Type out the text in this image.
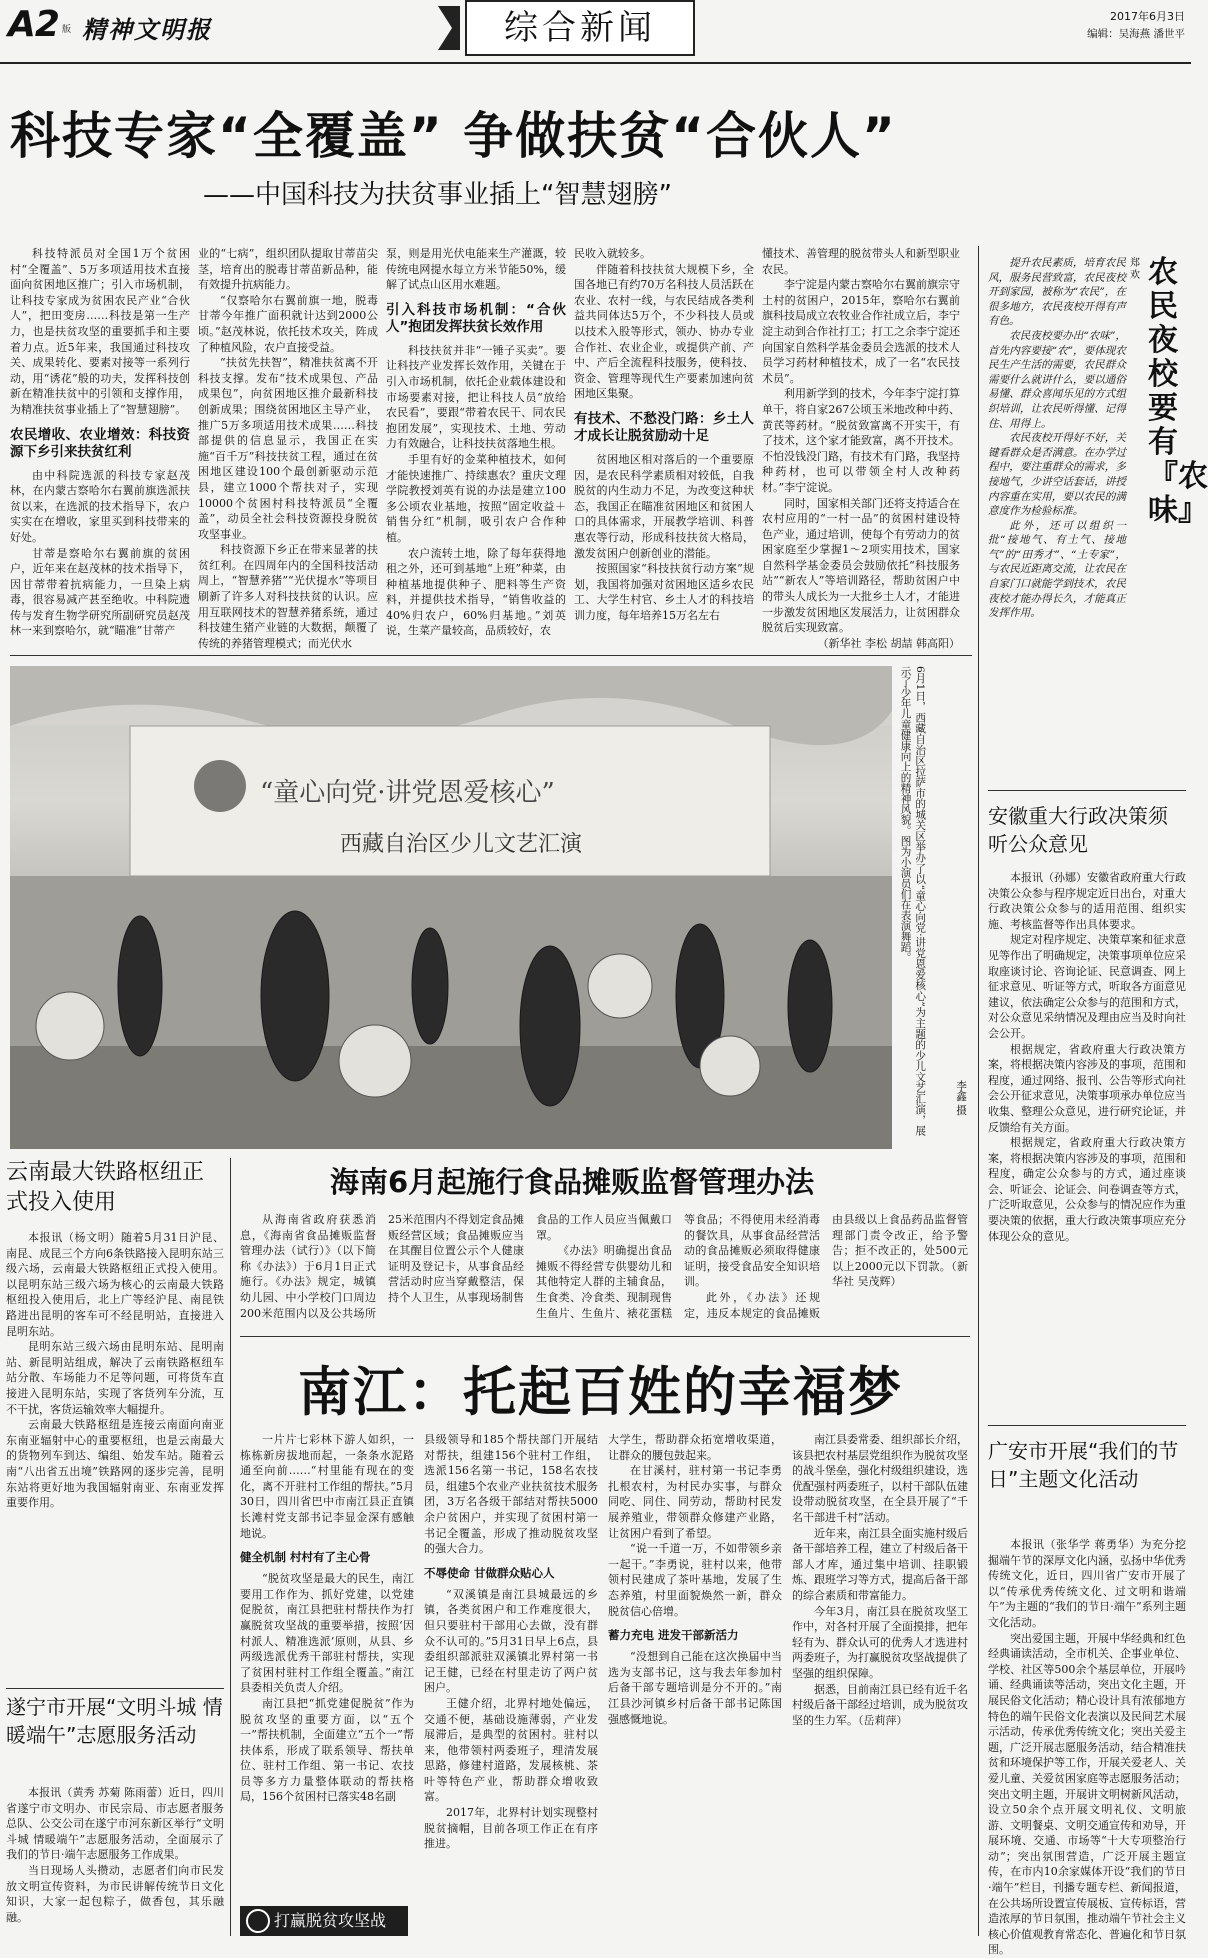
A2 版 精神文明报	综合新闻	2017年6月3日
编辑：吴海燕 潘世平
科技专家“全覆盖” 争做扶贫“合伙人”
——中国科技为扶贫事业插上“智慧翅膀”

科技特派员对全国1万个贫困村“全覆盖”、5万多项适用技术直接面向贫困地区推广；引入市场机制，让科技专家成为贫困农民产业“合伙人”，把田变房……科技是第一生产力，也是扶贫攻坚的重要抓手和主要着力点。近5年来，我国通过科技攻关、成果转化、要素对接等一系列行动，用“诱花”般的功夫，发挥科技创新在精准扶贫中的引领和支撑作用，为精准扶贫事业插上了“智慧翅膀”。

农民增收、农业增效：科技资源下乡引来扶贫红利

由中科院选派的科技专家赵茂林，在内蒙古察哈尔右翼前旗选派扶贫以来，在选派的技术指导下，农户实实在在增收，家里买到科技带来的好处。

甘蒂是察哈尔右翼前旗的贫困户，近年来在赵茂林的技术指导下，因甘蒂带着抗病能力，一旦染上病毒，很容易减产甚至绝收。中科院遗传与发育生物学研究所副研究员赵茂林一来到察哈尔，就“瞄准”甘蒂产

业的“七病”，组织团队提取甘蒂苗尖茎，培育出的脱毒甘蒂苗新品种，能有效提升抗病能力。

“仅察哈尔右翼前旗一地，脱毒甘蒂今年推广面积就计达到2000公顷。”赵茂林说，依托技术攻关，阵成了种植风险，农户直接受益。

“扶贫先扶智”，精准扶贫离不开科技支撑。发布“技术成果包、产品成果包”，向贫困地区推介最新科技创新成果；围绕贫困地区主导产业，推广5万多项适用技术成果……科技部提供的信息显示，我国正在实施“百千万”科技扶贫工程，通过在贫困地区建设100个最创新驱动示范县，建立1000个帮扶对子，实现10000个贫困村科技特派员“全覆盖”，动员全社会科技资源投身脱贫攻坚事业。

科技资源下乡正在带来显著的扶贫红利。在四周年内的全国科技活动周上，“智慧养猪”“光伏提水”等项目刷新了许多人对科技扶贫的认识。应用互联网技术的智慧养猪系统，通过科技建生猪产业链的大数据，颠覆了传统的养猪管理模式；而光伏水

泵，则是用光伏电能来生产灌溉，较传统电网提水每立方米节能50%，缓解了试点山区用水难题。

引入科技市场机制：“合伙人”抱团发挥扶贫长效作用

科技扶贫并非“一锤子买卖”。要让科技产业发挥长效作用，关键在于引入市场机制，依托企业载体建设和市场要素对接，把让科技人员“放给农民看”，要跟“带着农民干、同农民抱团发展”，实现技术、土地、劳动力有效融合，让科技扶贫落地生根。

手里有好的金菜种植技术，如何才能快速推广、持续惠农？重庆文理学院教授刘英有说的办法是建立100多公顷农业基地，按照“固定收益＋销售分红”机制，吸引农户合作种植。

农户流转土地，除了每年获得地租之外，还可到基地“上班”种菜，由种植基地提供种子、肥料等生产资料，并提供技术指导，“销售收益的40%归农户，60%归基地。”刘英说，生菜产量较高，品质较好，农

民收入就较多。

伴随着科技扶贫大规模下乡，全国各地已有约70万名科技人员活跃在农业、农村一线，与农民结成各类利益共同体达5万个，不少科技人员或以技术入股等形式，领办、协办专业合作社、农业企业，或提供产前、产中、产后全流程科技服务，使科技、资金、管理等现代生产要素加速向贫困地区集聚。

有技术、不愁没门路：乡土人才成长让脱贫励动十足

贫困地区相对落后的一个重要原因，是农民科学素质相对较低，自我脱贫的内生动力不足，为改变这种状态，我国正在瞄准贫困地区和贫困人口的具体需求，开展教学培训、科普惠农等行动，形成科技扶贫大格局，激发贫困户创新创业的潜能。

按照国家“科技扶贫行动方案”规划，我国将加强对贫困地区适乡农民工、大学生村官、乡土人才的科技培训力度，每年培养15万名左右

懂技术、善管理的脱贫带头人和新型职业农民。

李宁淀是内蒙古察哈尔右翼前旗宗守土村的贫困户，2015年，察哈尔右翼前旗科技局成立农牧业合作社成立后，李宁淀主动到合作社打工；打工之余李宁淀还向国家自然科学基金委员会选派的技术人员学习药材种植技术，成了一名“农民技术员”。

利用新学到的技术，今年李宁淀打算单干，将自家267公顷玉米地改种中药、黄芪等药材。“脱贫致富离不开实干，有了技术，这个家才能致富，离不开技术。不怕没钱没门路，有技术有门路，我坚持种药材，也可以带领全村人改种药材。”李宁淀说。

同时，国家相关部门还将支持适合在农村应用的“一村一品”的贫困村建设特色产业，通过培训，使每个有劳动力的贫困家庭至少掌握1～2项实用技术，国家自然科学基金委员会鼓励依托“科技服务站”“新农人”等培训路径，帮助贫困户中的带头人成长为一大批乡土人才，才能进一步激发贫困地区发展活力，让贫困群众脱贫后实现致富。

（新华社 李松 胡喆 韩高阳）

郑欢 农民夜校要有『农味』

提升农民素质，培育农民风，服务民营致富，农民夜校开到家园，被称为“农民”，在很多地方，农民夜校开得有声有色。

农民夜校要办出“农味”，首先内容要接“农”，要体现农民生产生活的需要，农民群众需要什么就讲什么，要以通俗易懂、群众喜闻乐见的方式组织培训，让农民听得懂、记得住、用得上。

农民夜校开得好不好，关键看群众是否满意。在办学过程中，要注重群众的需求，多接地气，少讲空话套话，讲授内容重在实用，要以农民的满意度作为检验标准。

此外，还可以组织一批“接地气、有土气、接地气”的“田秀才”、“土专家”，与农民近距离交流，让农民在自家门口就能学到技术，农民夜校才能办得长久，才能真正发挥作用。

安徽重大行政决策须听公众意见

本报讯（孙娜）安徽省政府重大行政决策公众参与程序规定近日出台，对重大行政决策公众参与的适用范围、组织实施、考核监督等作出具体要求。

规定对程序规定、决策草案和征求意见等作出了明确规定，决策事项单位应采取座谈讨论、咨询论证、民意调查、网上征求意见、听证等方式，听取各方面意见建议，依法确定公众参与的范围和方式，对公众意见采纳情况及理由应当及时向社会公开。

根据规定，省政府重大行政决策方案，将根据决策内容涉及的事项，范围和程度，通过网络、报刊、公告等形式向社会公开征求意见，决策事项承办单位应当收集、整理公众意见，进行研究论证，并反馈给有关方面。

根据规定，省政府重大行政决策方案，将根据决策内容涉及的事项，范围和程度，确定公众参与的方式，通过座谈会、听证会、论证会、问卷调查等方式，广泛听取意见，公众参与的情况应作为重要决策的依据，重大行政决策事项应充分体现公众的意见。

广安市开展“我们的节日”主题文化活动

本报讯（张华学 蒋勇华）为充分挖掘端午节的深厚文化内涵，弘扬中华优秀传统文化，近日，四川省广安市开展了以“传承优秀传统文化、过文明和谐端午”为主题的“我们的节日·端午”系列主题文化活动。

突出爱国主题，开展中华经典和红色经典诵读活动，全市机关、企事业单位、学校、社区等500余个基层单位，开展吟诵、经典诵读等活动，突出文化主题，开展民俗文化活动；精心设计具有浓郁地方特色的端午民俗文化表演以及民间艺术展示活动，传承优秀传统文化；突出关爱主题，广泛开展志愿服务活动，结合精准扶贫和环境保护等工作，开展关爱老人、关爱儿童、关爱贫困家庭等志愿服务活动；突出文明主题，开展讲文明树新风活动，设立50余个点开展文明礼仪、文明旅游、文明餐桌、文明交通宣传和劝导，开展环境、交通、市场等“十大专项整治行动”；突出氛围营造，广泛开展主题宣传，在市内10余家媒体开设“我们的节日·端午”栏目，刊播专题专栏、新闻报道，在公共场所设置宣传展板、宣传标语，营造浓厚的节日氛围，推动端午节社会主义核心价值观教育常态化、普遍化和节日氛围。

“童心向党·讲党恩爱核心”
西藏自治区少儿文艺汇演	6月1日，西藏自治区拉萨市的城关区举办了以“童心向党·讲党恩爱核心”为主题的少儿文艺汇演，展示了少年儿童健康向上的精神风貌。图为小演员们在表演舞蹈。
李鑫 摄
云南最大铁路枢纽正式投入使用

本报讯（杨文明）随着5月31日沪昆、南昆、成昆三个方向6条铁路接入昆明东站三级六场，云南最大铁路枢纽正式投入使用。以昆明东站三级六场为核心的云南最大铁路枢纽投入使用后，北上广等经沪昆、南昆铁路进出昆明的客车可不经昆明站，直接进入昆明东站。

昆明东站三级六场由昆明东站、昆明南站、新昆明站组成，解决了云南铁路枢纽车站分散、车场能力不足等问题，可将货车直接进入昆明东站，实现了客货列车分流，互不干扰，客货运输效率大幅提升。

云南最大铁路枢纽是连接云南面向南亚东南亚辐射中心的重要枢纽，也是云南最大的货物列车到达、编组、始发车站。随着云南“八出省五出境”铁路网的逐步完善，昆明东站将更好地为我国辐射南亚、东南亚发挥重要作用。

遂宁市开展“文明斗城 情暖端午”志愿服务活动

本报讯（黄秀 苏菊 陈雨蕾）近日，四川省遂宁市文明办、市民宗局、市志愿者服务总队、公交公司在遂宁市河东新区举行“文明斗城 情暖端午”志愿服务活动，全面展示了我们的节日·端午志愿服务工作成果。

当日现场人头攒动，志愿者们向市民发放文明宣传资料，为市民讲解传统节日文化知识，大家一起包粽子，做香包，其乐融融。

海南6月起施行食品摊贩监督管理办法

从海南省政府获悉消息，《海南省食品摊贩监督管理办法（试行）》（以下简称《办法》）于6月1日正式施行。《办法》规定，城镇幼儿园、中小学校门口周边200米范围内以及公共场所25米范围内不得划定食品摊贩经营区域；食品摊贩应当在其醒目位置公示个人健康证明及登记卡，从事食品经营活动时应当穿戴整洁，保持个人卫生，从事现场制售食品的工作人员应当佩戴口罩。

《办法》明确提出食品摊贩不得经营专供婴幼儿和其他特定人群的主辅食品，生食类、冷食类、现制现售生鱼片、生鱼片、裱花蛋糕等食品；不得使用未经消毒的餐饮具，从事食品经营活动的食品摊贩必须取得健康证明，接受食品安全知识培训。

此外，《办法》还规定，违反本规定的食品摊贩由县级以上食品药品监督管理部门责令改正，给予警告；拒不改正的，处500元以上2000元以下罚款。（新华社 吴茂辉）

南江：托起百姓的幸福梦

一片片七彩林下游人如织，一栋栋新房拔地而起，一条条水泥路通至向前……“村里能有现在的变化，离不开驻村工作组的帮扶。”5月30日，四川省巴中市南江县正直镇长滩村党支部书记李显金深有感触地说。

健全机制 村村有了主心骨

“脱贫攻坚是最大的民生，南江要用工作作为、抓好党建，以党建促脱贫，南江县把驻村帮扶作为打赢脱贫攻坚战的重要举措，按照‘因村派人、精准选派’原则，从县、乡两级选派优秀干部驻村帮扶，实现了贫困村驻村工作组全覆盖。”南江县委相关负责人介绍。

南江县把“抓党建促脱贫”作为脱贫攻坚的重要方面，以“五个一”帮扶机制，全面建立“五个一”帮扶体系，形成了联系领导、帮扶单位、驻村工作组、第一书记、农技员等多方力量整体联动的帮扶格局，156个贫困村已落实48名副

县级领导和185个帮扶部门开展结对帮扶，组建156个驻村工作组，选派156名第一书记，158名农技员，组建5个农业产业扶贫技术服务团，3万名各级干部结对帮扶5000余户贫困户，并实现了贫困村第一书记全覆盖，形成了推动脱贫攻坚的强大合力。

不辱使命 甘做群众贴心人

“双溪镇是南江县城最远的乡镇，各类贫困户和工作难度很大，但只要驻村干部用心去做，没有群众不认可的。”5月31日早上6点，县委组织部派驻双溪镇北界村第一书记王健，已经在村里走访了两户贫困户。

王健介绍，北界村地处偏远，交通不便，基础设施薄弱，产业发展滞后，是典型的贫困村。驻村以来，他带领村两委班子，理清发展思路，修建村道路，发展核桃、茶叶等特色产业，帮助群众增收致富。

2017年，北界村计划实现整村脱贫摘帽，目前各项工作正在有序推进。

大学生，帮助群众拓宽增收渠道，让群众的腰包鼓起来。

在甘溪村，驻村第一书记李勇扎根农村，为村民办实事，与群众同吃、同住、同劳动，帮助村民发展养殖业，带领群众修建产业路，让贫困户看到了希望。

“说一千道一万，不如带领乡亲一起干。”李勇说，驻村以来，他带领村民建成了茶叶基地，发展了生态养殖，村里面貌焕然一新，群众脱贫信心倍增。

蓄力充电 进发干部新活力

“没想到自己能在这次换届中当选为支部书记，这与我去年参加村后备干部专题培训是分不开的。”南江县沙河镇乡村后备干部书记陈国强感慨地说。

南江县委常委、组织部长介绍，该县把农村基层党组织作为脱贫攻坚的战斗堡垒，强化村级组织建设，选优配强村两委班子，以村干部队伍建设带动脱贫攻坚，在全县开展了“千名干部进千村”活动。

近年来，南江县全面实施村级后备干部培养工程，建立了村级后备干部人才库，通过集中培训、挂职锻炼、跟班学习等方式，提高后备干部的综合素质和带富能力。

今年3月，南江县在脱贫攻坚工作中，对各村开展了全面摸排，把年轻有为、群众认可的优秀人才选进村两委班子，为打赢脱贫攻坚战提供了坚强的组织保障。

据悉，目前南江县已经有近千名村级后备干部经过培训，成为脱贫攻坚的生力军。（岳莉萍）

打赢脱贫攻坚战
